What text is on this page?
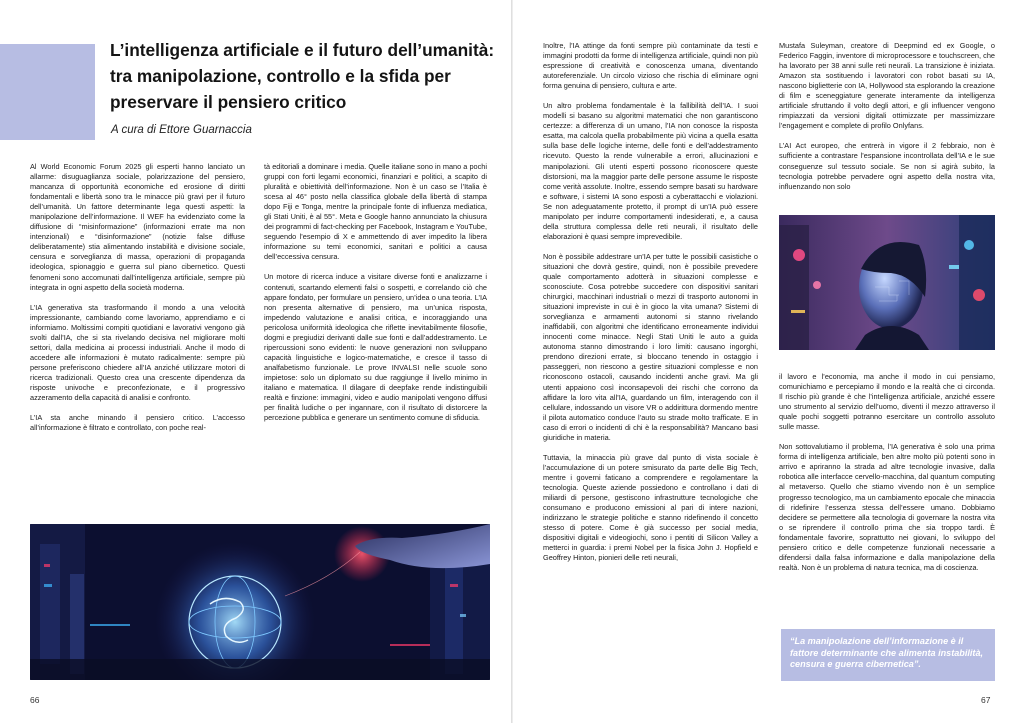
L’intelligenza artificiale e il futuro dell’umanità: tra manipolazione, controllo e la sfida per preservare il pensiero critico
A cura di Ettore Guarnaccia

Al World Economic Forum 2025 gli esperti hanno lanciato un allarme: disuguaglianza sociale, polarizzazione del pensiero, mancanza di opportunità economiche ed erosione di diritti fondamentali e libertà sono tra le minacce più gravi per il futuro dell’umanità. Un fattore determinante lega questi aspetti: la manipolazione dell’informazione. Il WEF ha evidenziato come la diffusione di “misinformazione” (informazioni errate ma non intenzionali) e “disinformazione” (notizie false diffuse deliberatamente) stia alimentando instabilità e divisione sociale, censura e sorveglianza di massa, operazioni di propaganda ideologica, spionaggio e guerra sul piano cibernetico. Questi fenomeni sono accomunati dall’intelligenza artificiale, sempre più integrata in ogni aspetto della società moderna.

L’IA generativa sta trasformando il mondo a una velocità impressionante, cambiando come lavoriamo, apprendiamo e ci informiamo. Moltissimi compiti quotidiani e lavorativi vengono già svolti dall’IA, che si sta rivelando decisiva nel migliorare molti settori, dalla medicina ai processi industriali. Anche il modo di accedere alle informazioni è mutato radicalmente: sempre più persone preferiscono chiedere all’IA anziché utilizzare motori di ricerca tradizionali. Questo crea una crescente dipendenza da risposte univoche e preconfezionate, e il progressivo azzeramento della capacità di analisi e confronto.

L’IA sta anche minando il pensiero critico. L’accesso all’informazione è filtrato e controllato, con poche real-

tà editoriali a dominare i media. Quelle italiane sono in mano a pochi gruppi con forti legami economici, finanziari e politici, a scapito di pluralità e obiettività dell’informazione. Non è un caso se l’Italia è scesa al 46° posto nella classifica globale della libertà di stampa dopo Fiji e Tonga, mentre la principale fonte di influenza mediatica, gli Stati Uniti, è al 55°. Meta e Google hanno annunciato la chiusura dei programmi di fact-checking per Facebook, Instagram e YouTube, seguendo l’esempio di X e ammettendo di aver impedito la libera informazione su temi economici, sanitari e politici a causa dell’eccessiva censura.

Un motore di ricerca induce a visitare diverse fonti e analizzarne i contenuti, scartando elementi falsi o sospetti, e correlando ciò che appare fondato, per formulare un pensiero, un’idea o una teoria. L’IA non presenta alternative di pensiero, ma un’unica risposta, impedendo valutazione e analisi critica, e incoraggiando una pericolosa uniformità ideologica che riflette inevitabilmente filosofie, dogmi e pregiudizi derivanti dalle sue fonti e dall’addestramento. Le ripercussioni sono evidenti: le nuove generazioni non sviluppano capacità linguistiche e logico-matematiche, e cresce il tasso di analfabetismo funzionale. Le prove INVALSI nelle scuole sono impietose: solo un diplomato su due raggiunge il livello minimo in italiano e matematica. Il dilagare di deepfake rende indistinguibili realtà e finzione: immagini, video e audio manipolati vengono diffusi per finalità ludiche o per ingannare, con il risultato di distorcere la percezione pubblica e generare un sentimento comune di sfiducia.

66

Inoltre, l’IA attinge da fonti sempre più contaminate da testi e immagini prodotti da forme di intelligenza artificiale, quindi non più espressione di creatività e conoscenza umana, diventando autoreferenziale. Un circolo vizioso che rischia di eliminare ogni forma genuina di pensiero, cultura e arte.

Un altro problema fondamentale è la fallibilità dell’IA. I suoi modelli si basano su algoritmi matematici che non garantiscono certezze: a differenza di un umano, l’IA non conosce la risposta esatta, ma calcola quella probabilmente più vicina a quella esatta sulla base delle logiche interne, delle fonti e dell’addestramento ricevuto. Questo la rende vulnerabile a errori, allucinazioni e manipolazioni. Gli utenti esperti possono riconoscere queste distorsioni, ma la maggior parte delle persone assume le risposte come verità assolute. Inoltre, essendo sempre basati su hardware e software, i sistemi IA sono esposti a cyberattacchi e violazioni. Se non adeguatamente protetto, il prompt di un’IA può essere manipolato per indurre comportamenti indesiderati, e, a causa della struttura complessa delle reti neurali, il risultato delle elaborazioni è quasi sempre imprevedibile.

Non è possibile addestrare un’IA per tutte le possibili casistiche o situazioni che dovrà gestire, quindi, non è possibile prevedere quale comportamento adotterà in situazioni complesse e sconosciute. Cosa potrebbe succedere con dispositivi sanitari chirurgici, macchinari industriali o mezzi di trasporto autonomi in situazioni impreviste in cui è in gioco la vita umana? Sistemi di sorveglianza e armamenti autonomi si stanno rivelando inaffidabili, con algoritmi che identificano erroneamente individui innocenti come minacce. Negli Stati Uniti le auto a guida autonoma stanno dimostrando i loro limiti: causano ingorghi, prendono direzioni errate, si bloccano tenendo in ostaggio i passeggeri, non riescono a gestire situazioni complesse e non riconoscono ostacoli, causando incidenti anche gravi. Ma gli utenti appaiono così inconsapevoli dei rischi che corrono da affidare la loro vita all’IA, guardando un film, interagendo con il cellulare, indossando un visore VR o addirittura dormendo mentre il pilota automatico conduce l’auto su strade molto trafficate. E in caso di errori o incidenti di chi è la responsabilità? Mancano basi giuridiche in materia.

Tuttavia, la minaccia più grave dal punto di vista sociale è l’accumulazione di un potere smisurato da parte delle Big Tech, mentre i governi faticano a comprendere e regolamentare la tecnologia. Queste aziende possiedono e controllano i dati di miliardi di persone, gestiscono infrastrutture tecnologiche che consumano e producono emissioni al pari di intere nazioni, indirizzano le strategie politiche e stanno ridefinendo il concetto stesso di potere. Come è già successo per social media, dispositivi digitali e videogiochi, sono i pentiti di Silicon Valley a metterci in guardia: i premi Nobel per la fisica John J. Hopfield e Geoffrey Hinton, pionieri delle reti neurali,

Mustafa Suleyman, creatore di Deepmind ed ex Google, o Federico Faggin, inventore di microprocessore e touchscreen, che ha lavorato per 38 anni sulle reti neurali. La transizione è iniziata. Amazon sta sostituendo i lavoratori con robot basati su IA, nascono biglietterie con IA, Hollywood sta esplorando la creazione di film e sceneggiature generate interamente da intelligenza artificiale sfruttando il volto degli attori, e gli influencer vengono rimpiazzati da versioni digitali ottimizzate per massimizzare l’engagement e complete di profilo Onlyfans.

L’AI Act europeo, che entrerà in vigore il 2 febbraio, non è sufficiente a contrastare l’espansione incontrollata dell’IA e le sue conseguenze sul tessuto sociale. Se non si agirà subito, la tecnologia potrebbe pervadere ogni aspetto della nostra vita, influenzando non solo

il lavoro e l’economia, ma anche il modo in cui pensiamo, comunichiamo e percepiamo il mondo e la realtà che ci circonda. Il rischio più grande è che l’intelligenza artificiale, anziché essere uno strumento al servizio dell’uomo, diventi il mezzo attraverso il quale pochi soggetti potranno esercitare un controllo assoluto sulle masse.

Non sottovalutiamo il problema, l’IA generativa è solo una prima forma di intelligenza artificiale, ben altre molto più potenti sono in arrivo e apriranno la strada ad altre tecnologie invasive, dalla robotica alle interfacce cervello-macchina, dal quantum computing al metaverso. Quello che stiamo vivendo non è un semplice progresso tecnologico, ma un cambiamento epocale che minaccia di ridefinire l’essenza stessa dell’essere umano. Dobbiamo decidere se permettere alla tecnologia di governare la nostra vita o se riprendere il controllo prima che sia troppo tardi. È fondamentale favorire, soprattutto nei giovani, lo sviluppo del pensiero critico e delle competenze funzionali necessarie a difendersi dalla falsa informazione e dalla manipolazione della realtà. Non è un problema di natura tecnica, ma di coscienza.

“La manipolazione dell’informazione è il fattore determinante che alimenta instabilità, censura e guerra cibernetica”.

67
